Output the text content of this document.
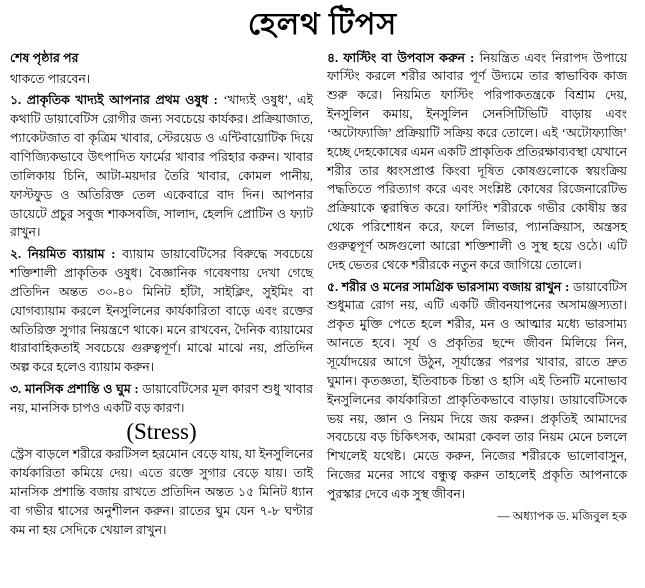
হেলথ টিপস
শেষ পৃষ্ঠার পর

থাকতে পারবেন।

১. প্রাকৃতিক খাদ্যই আপনার প্রথম ওষুধ : ‘খাদ্যই ওষুধ’, এই কথাটি ডায়াবেটিস রোগীর জন্য সবচেয়ে কার্যকর। প্রক্রিয়াজাত, প্যাকেটজাত বা কৃত্রিম খাবার, স্টেরয়েড ও এন্টিবায়োটিক দিয়ে বাণিজ্যিকভাবে উৎপাদিত ফার্মের খাবার পরিহার করুন। খাবার তালিকায় চিনি, আটা-ময়দার তৈরি খাবার, কোমল পানীয়, ফাস্টফুড ও অতিরিক্ত তেল একেবারে বাদ দিন। আপনার ডায়েটে প্রচুর সবুজ শাকসবজি, সালাদ, হেলদি প্রোটিন ও ফ্যাট রাখুন।

২. নিয়মিত ব্যায়াম : ব্যায়াম ডায়াবেটিসের বিরুদ্ধে সবচেয়ে শক্তিশালী প্রাকৃতিক ওষুধ। বৈজ্ঞানিক গবেষণায় দেখা গেছে প্রতিদিন অন্তত ৩০-৪০ মিনিট হাঁটা, সাইক্লিং, সুইমিং বা যোগব্যায়াম করলে ইনসুলিনের কার্যকারিতা বাড়ে এবং রক্তের অতিরিক্ত সুগার নিয়ন্ত্রণে থাকে। মনে রাখবেন, দৈনিক ব্যায়ামের ধারাবাহিকতাই সবচেয়ে গুরুত্বপূর্ণ। মাঝে মাঝে নয়, প্রতিদিন অল্প করে হলেও ব্যায়াম করুন।

৩. মানসিক প্রশান্তি ও ঘুম : ডায়াবেটিসের মূল কারণ শুধু খাবার নয়, মানসিক চাপও একটি বড় কারণ।
(Stress)
স্ট্রেস বাড়লে শরীরে করটিসল হরমোন বেড়ে যায়, যা ইনসুলিনের কার্যকারিতা কমিয়ে দেয়। এতে রক্তে সুগার বেড়ে যায়। তাই মানসিক প্রশান্তি বজায় রাখতে প্রতিদিন অন্তত ১৫ মিনিট ধ্যান বা গভীর শ্বাসের অনুশীলন করুন। রাতের ঘুম যেন ৭-৮ ঘণ্টার কম না হয় সেদিকে খেয়াল রাখুন।

৪. ফাস্টিং বা উপবাস করুন : নিয়ন্ত্রিত এবং নিরাপদ উপায়ে ফাস্টিং করলে শরীর আবার পূর্ণ উদ্যমে তার স্বাভাবিক কাজ শুরু করে। নিয়মিত ফাস্টিং পরিপাকতন্ত্রকে বিশ্রাম দেয়, ইনসুলিন কমায়, ইনসুলিন সেনসিটিভিটি বাড়ায় এবং ‘অটোফ্যাজি’ প্রক্রিয়াটি সক্রিয় করে তোলে। এই ‘অটোফ্যাজি’ হচ্ছে দেহকোষের এমন একটি প্রাকৃতিক প্রতিরক্ষাব্যবস্থা যেখানে শরীর তার ধ্বংসপ্রাপ্ত কিংবা দূষিত কোষগুলোকে স্বয়ংক্রিয় পদ্ধতিতে পরিত্যাগ করে এবং সংশ্লিষ্ট কোষের রিজেনারেটিভ প্রক্রিয়াকে ত্বরান্বিত করে। ফাস্টিং শরীরকে গভীর কোষীয় স্তর থেকে পরিশোধন করে, ফলে লিভার, প্যানক্রিয়াস, অন্ত্রসহ গুরুত্বপূর্ণ অঙ্গগুলো আরো শক্তিশালী ও সুস্থ হয়ে ওঠে। এটি দেহ ভেতর থেকে শরীরকে নতুন করে জাগিয়ে তোলে।

৫. শরীর ও মনের সামগ্রিক ভারসাম্য বজায় রাখুন : ডায়াবেটিস শুধুমাত্র রোগ নয়, এটি একটি জীবনযাপনের অসামঞ্জস্যতা। প্রকৃত মুক্তি পেতে হলে শরীর, মন ও আত্মার মধ্যে ভারসাম্য আনতে হবে। সূর্য ও প্রকৃতির ছন্দে জীবন মিলিয়ে নিন, সূর্যোদয়ের আগে উঠুন, সূর্যাস্তের পরপর খাবার, রাতে দ্রুত ঘুমান। কৃতজ্ঞতা, ইতিবাচক চিন্তা ও হাসি এই তিনটি মনোভাব ইনসুলিনের কার্যকারিতা প্রাকৃতিকভাবে বাড়ায়। ডায়াবেটিসকে ভয় নয়, জ্ঞান ও নিয়ম দিয়ে জয় করুন। প্রকৃতিই আমাদের সবচেয়ে বড় চিকিৎসক, আমরা কেবল তার নিয়ম মেনে চললে শিখলেই যথেষ্ট। মেডে করুন, নিজের শরীরকে ভালোবাসুন, নিজের মনের সাথে বন্ধুত্ব করুন তাহলেই প্রকৃতি আপনাকে পুরস্কার দেবে এক সুস্থ জীবন।

— অধ্যাপক ড. মজিবুল হক
